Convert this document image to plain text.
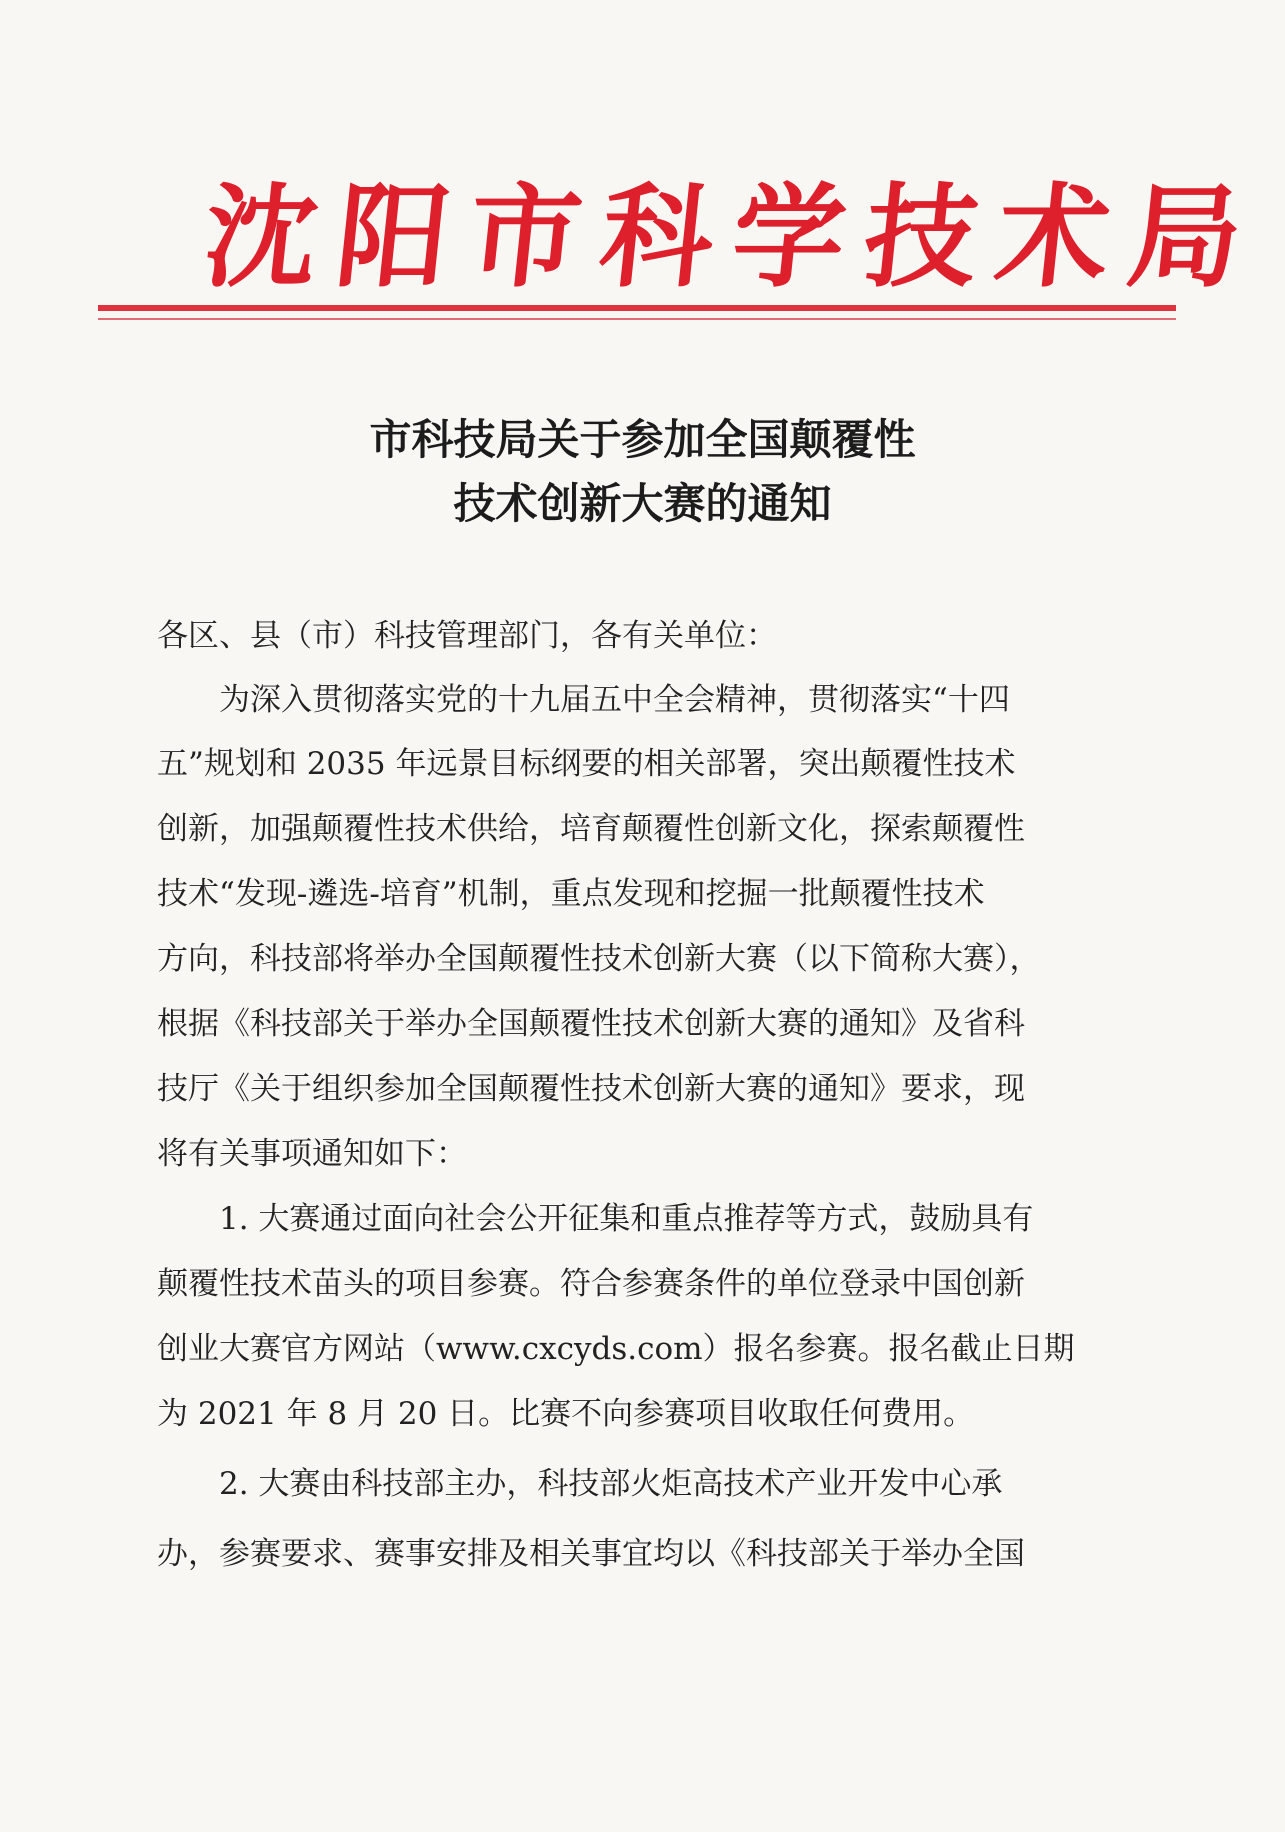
沈阳市科学技术局
市科技局关于参加全国颠覆性
技术创新大赛的通知
各区、县（市）科技管理部门，各有关单位：
　　为深入贯彻落实党的十九届五中全会精神，贯彻落实“十四
五”规划和 2035 年远景目标纲要的相关部署，突出颠覆性技术
创新，加强颠覆性技术供给，培育颠覆性创新文化，探索颠覆性
技术“发现-遴选-培育”机制，重点发现和挖掘一批颠覆性技术
方向，科技部将举办全国颠覆性技术创新大赛（以下简称大赛），
根据《科技部关于举办全国颠覆性技术创新大赛的通知》及省科
技厅《关于组织参加全国颠覆性技术创新大赛的通知》要求，现
将有关事项通知如下：
　　1. 大赛通过面向社会公开征集和重点推荐等方式，鼓励具有
颠覆性技术苗头的项目参赛。符合参赛条件的单位登录中国创新
创业大赛官方网站（www.cxcyds.com）报名参赛。报名截止日期
为 2021 年 8 月 20 日。比赛不向参赛项目收取任何费用。
　　2. 大赛由科技部主办，科技部火炬高技术产业开发中心承
办，参赛要求、赛事安排及相关事宜均以《科技部关于举办全国
